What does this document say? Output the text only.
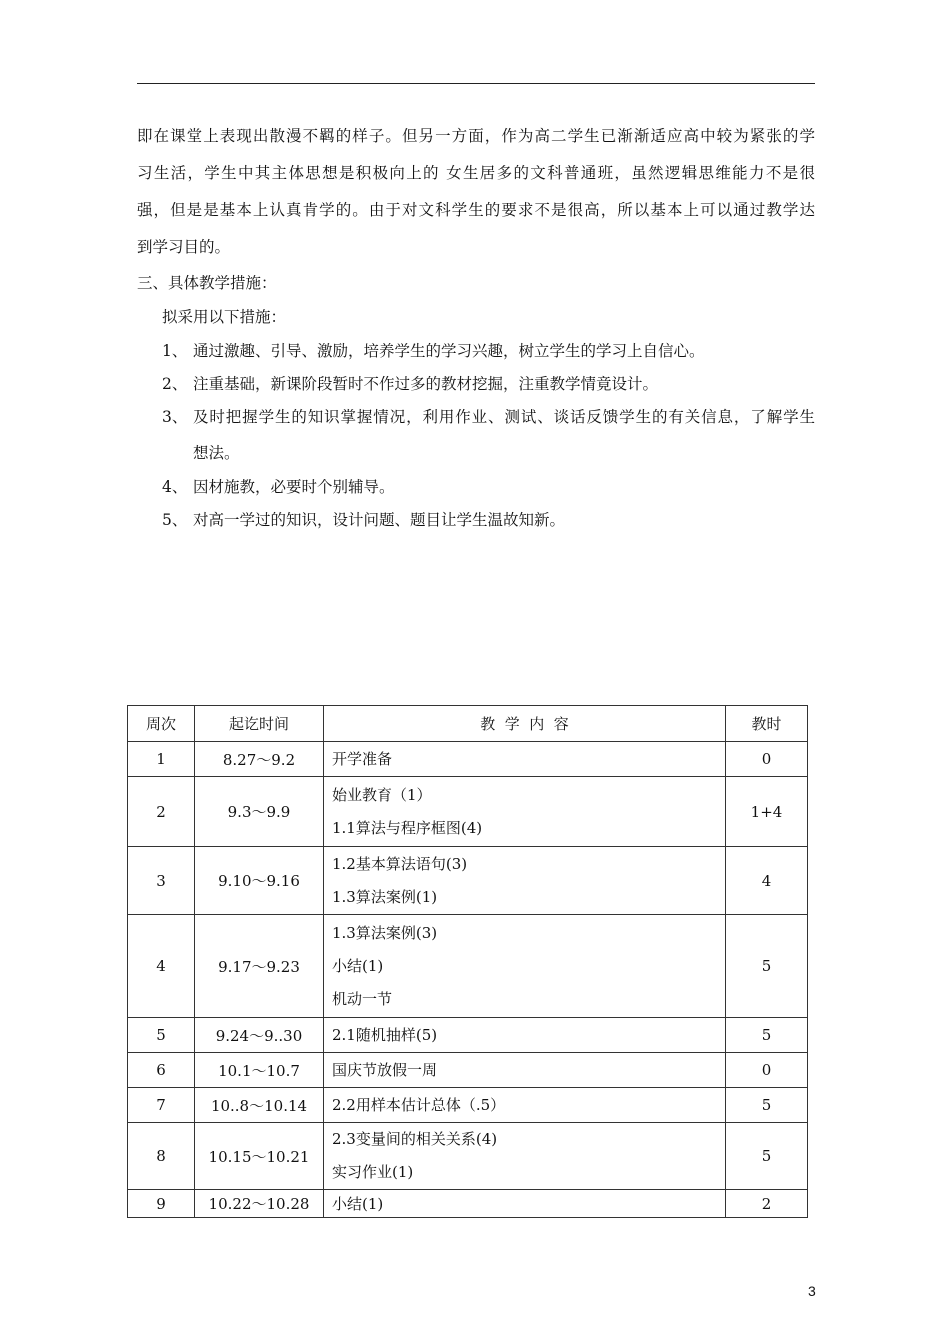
即在课堂上表现出散漫不羁的样子。但另一方面，作为高二学生已渐渐适应高中较为紧张的学
习生活，学生中其主体思想是积极向上的 女生居多的文科普通班，虽然逻辑思维能力不是很
强，但是是基本上认真肯学的。由于对文科学生的要求不是很高，所以基本上可以通过教学达
到学习目的。
三、具体教学措施：
拟采用以下措施：
1、 通过激趣、引导、激励，培养学生的学习兴趣，树立学生的学习上自信心。
2、 注重基础，新课阶段暂时不作过多的教材挖掘，注重教学情竟设计。
3、 及时把握学生的知识掌握情况，利用作业、测试、谈话反馈学生的有关信息，了解学生
想法。
4、 因材施教，必要时个别辅导。
5、 对高一学过的知识，设计问题、题目让学生温故知新。
周次	起讫时间	教  学  内  容	教时
1	8.27～9.2	开学准备	0
2	9.3～9.9	始业教育（1）
1.1算法与程序框图(4)	1+4
3	9.10～9.16	1.2基本算法语句(3)
1.3算法案例(1)	4
4	9.17～9.23	1.3算法案例(3)
小结(1)
机动一节	5
5	9.24～9..30	2.1随机抽样(5)	5
6	10.1～10.7	国庆节放假一周	0
7	10..8～10.14	2.2用样本估计总体（.5）	5
8	10.15～10.21	2.3变量间的相关关系(4)
实习作业(1)	5
9	10.22～10.28	小结(1)	2
3
